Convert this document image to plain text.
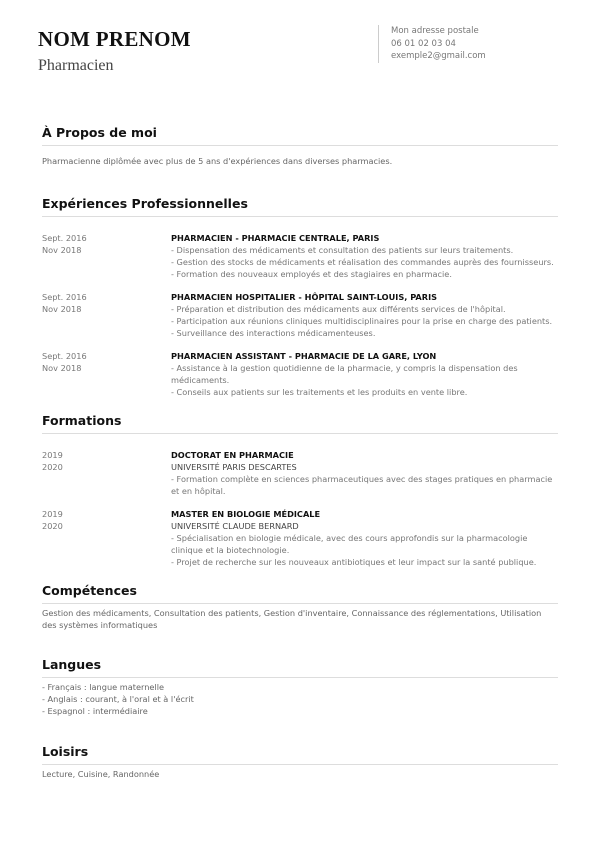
NOM PRENOM
Pharmacien
Mon adresse postale
06 01 02 03 04
exemple2@gmail.com
À Propos de moi
Pharmacienne diplômée avec plus de 5 ans d'expériences dans diverses pharmacies.
Expériences Professionnelles
Sept. 2016
Nov 2018
PHARMACIEN - PHARMACIE CENTRALE, PARIS
- Dispensation des médicaments et consultation des patients sur leurs traitements.
- Gestion des stocks de médicaments et réalisation des commandes auprès des fournisseurs.
- Formation des nouveaux employés et des stagiaires en pharmacie.
Sept. 2016
Nov 2018
PHARMACIEN HOSPITALIER - HÔPITAL SAINT-LOUIS, PARIS
- Préparation et distribution des médicaments aux différents services de l'hôpital.
- Participation aux réunions cliniques multidisciplinaires pour la prise en charge des patients.
- Surveillance des interactions médicamenteuses.
Sept. 2016
Nov 2018
PHARMACIEN ASSISTANT - PHARMACIE DE LA GARE, LYON
- Assistance à la gestion quotidienne de la pharmacie, y compris la dispensation des médicaments.
- Conseils aux patients sur les traitements et les produits en vente libre.
Formations
2019
2020
DOCTORAT EN PHARMACIE
UNIVERSITÉ PARIS DESCARTES
- Formation complète en sciences pharmaceutiques avec des stages pratiques en pharmacie et en hôpital.
2019
2020
MASTER EN BIOLOGIE MÉDICALE
UNIVERSITÉ CLAUDE BERNARD
- Spécialisation en biologie médicale, avec des cours approfondis sur la pharmacologie clinique et la biotechnologie.
- Projet de recherche sur les nouveaux antibiotiques et leur impact sur la santé publique.
Compétences
Gestion des médicaments, Consultation des patients, Gestion d'inventaire, Connaissance des réglementations, Utilisation des systèmes informatiques
Langues
- Français : langue maternelle
- Anglais : courant, à l'oral et à l'écrit
- Espagnol : intermédiaire
Loisirs
Lecture, Cuisine, Randonnée
